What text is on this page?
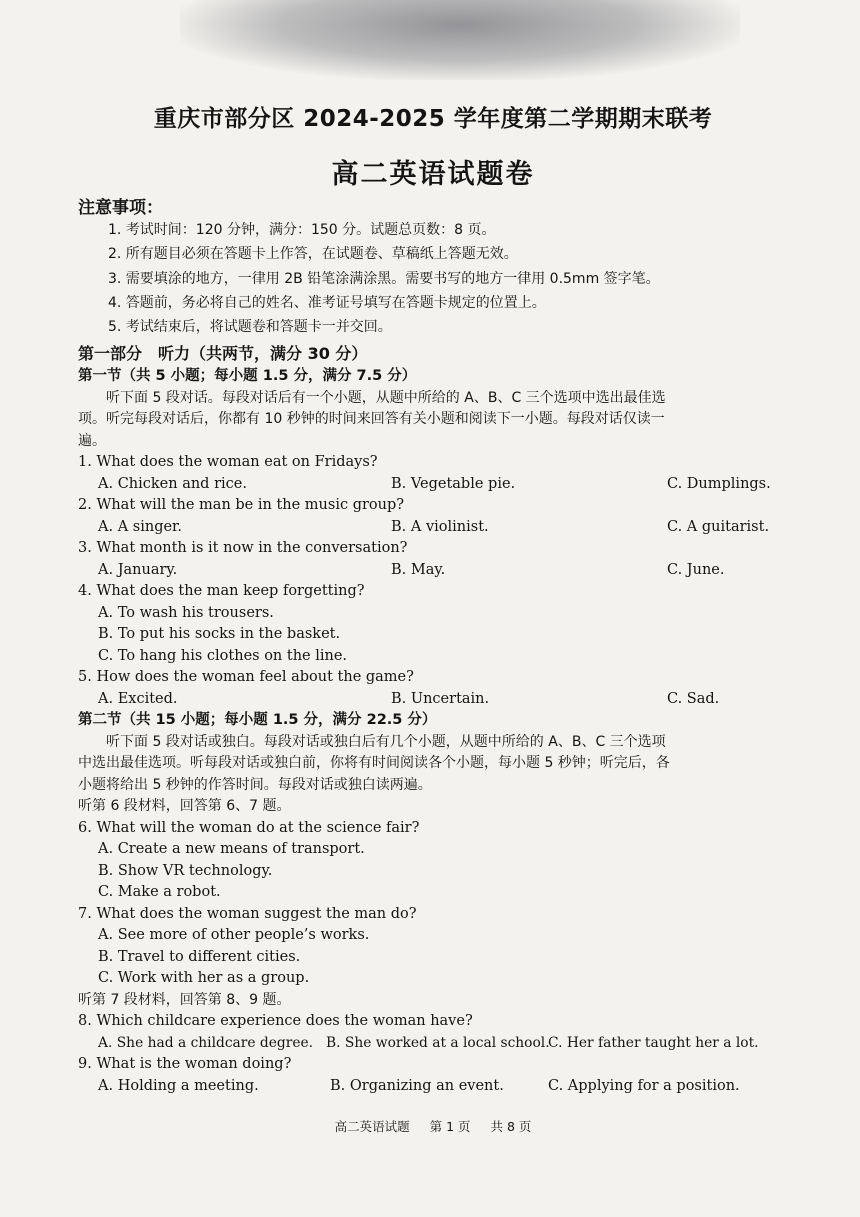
重庆市部分区 2024-2025 学年度第二学期期末联考
高二英语试题卷
注意事项：
1. 考试时间：120 分钟，满分：150 分。试题总页数：8 页。
2. 所有题目必须在答题卡上作答，在试题卷、草稿纸上答题无效。
3. 需要填涂的地方，一律用 2B 铅笔涂满涂黑。需要书写的地方一律用 0.5mm 签字笔。
4. 答题前，务必将自己的姓名、准考证号填写在答题卡规定的位置上。
5. 考试结束后，将试题卷和答题卡一并交回。
第一部分　听力（共两节，满分 30 分）
第一节（共 5 小题；每小题 1.5 分，满分 7.5 分）
听下面 5 段对话。每段对话后有一个小题，从题中所给的 A、B、C 三个选项中选出最佳选
项。听完每段对话后，你都有 10 秒钟的时间来回答有关小题和阅读下一小题。每段对话仅读一
遍。
1. What does the woman eat on Fridays?
A. Chicken and rice.	B. Vegetable pie.	C. Dumplings.
2. What will the man be in the music group?
A. A singer.	B. A violinist.	C. A guitarist.
3. What month is it now in the conversation?
A. January.	B. May.	C. June.
4. What does the man keep forgetting?
A. To wash his trousers.
B. To put his socks in the basket.
C. To hang his clothes on the line.
5. How does the woman feel about the game?
A. Excited.	B. Uncertain.	C. Sad.
第二节（共 15 小题；每小题 1.5 分，满分 22.5 分）
听下面 5 段对话或独白。每段对话或独白后有几个小题，从题中所给的 A、B、C 三个选项
中选出最佳选项。听每段对话或独白前，你将有时间阅读各个小题，每小题 5 秒钟；听完后，各
小题将给出 5 秒钟的作答时间。每段对话或独白读两遍。
听第 6 段材料，回答第 6、7 题。
6. What will the woman do at the science fair?
A. Create a new means of transport.
B. Show VR technology.
C. Make a robot.
7. What does the woman suggest the man do?
A. See more of other people’s works.
B. Travel to different cities.
C. Work with her as a group.
听第 7 段材料，回答第 8、9 题。
8. Which childcare experience does the woman have?
A. She had a childcare degree. B. She worked at a local school.
C. Her father taught her a lot.
9. What is the woman doing?
A. Holding a meeting.	B. Organizing an event.	C. Applying for a position.
高二英语试题 第 1 页 共 8 页
